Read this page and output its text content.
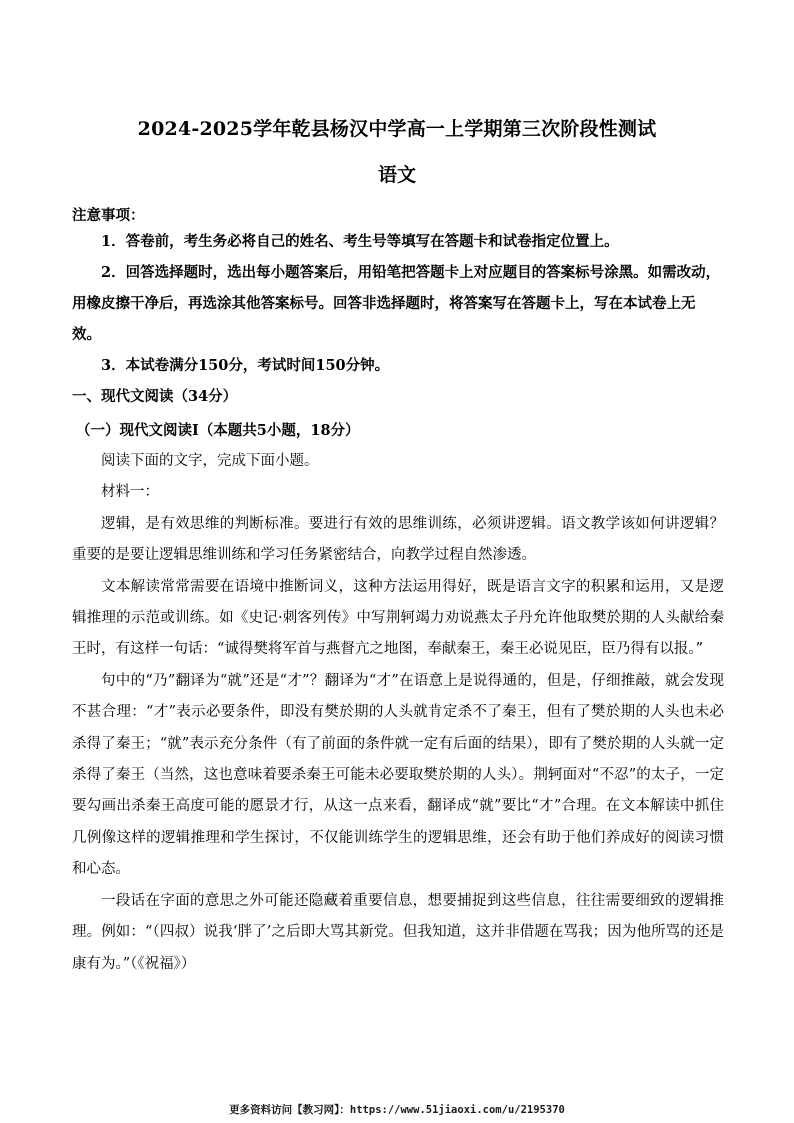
2024-2025学年乾县杨汉中学高一上学期第三次阶段性测试
语文
注意事项：

1．答卷前，考生务必将自己的姓名、考生号等填写在答题卡和试卷指定位置上。

2．回答选择题时，选出每小题答案后，用铅笔把答题卡上对应题目的答案标号涂黑。如需改动，用橡皮擦干净后，再选涂其他答案标号。回答非选择题时，将答案写在答题卡上，写在本试卷上无效。

3．本试卷满分150分，考试时间150分钟。

一、现代文阅读（34分）
（一）现代文阅读Ⅰ（本题共5小题，18分）

阅读下面的文字，完成下面小题。

材料一：

逻辑，是有效思维的判断标准。要进行有效的思维训练，必须讲逻辑。语文教学该如何讲逻辑？重要的是要让逻辑思维训练和学习任务紧密结合，向教学过程自然渗透。

文本解读常常需要在语境中推断词义，这种方法运用得好，既是语言文字的积累和运用，又是逻辑推理的示范或训练。如《史记·刺客列传》中写荆轲竭力劝说燕太子丹允许他取樊於期的人头献给秦王时，有这样一句话：“诚得樊将军首与燕督亢之地图，奉献秦王，秦王必说见臣，臣乃得有以报。”

句中的“乃”翻译为“就”还是“才”？翻译为“才”在语意上是说得通的，但是，仔细推敲，就会发现不甚合理：“才”表示必要条件，即没有樊於期的人头就肯定杀不了秦王，但有了樊於期的人头也未必杀得了秦王；“就”表示充分条件（有了前面的条件就一定有后面的结果），即有了樊於期的人头就一定杀得了秦王（当然，这也意味着要杀秦王可能未必要取樊於期的人头）。荆轲面对“不忍”的太子，一定要勾画出杀秦王高度可能的愿景才行，从这一点来看，翻译成“就”要比“才”合理。在文本解读中抓住几例像这样的逻辑推理和学生探讨，不仅能训练学生的逻辑思维，还会有助于他们养成好的阅读习惯和心态。

一段话在字面的意思之外可能还隐藏着重要信息，想要捕捉到这些信息，往往需要细致的逻辑推理。例如：“（四叔）说我‘胖了’之后即大骂其新党。但我知道，这并非借题在骂我；因为他所骂的还是康有为。”（《祝福》）

更多资料访问【教习网】：https://www.51jiaoxi.com/u/2195370
